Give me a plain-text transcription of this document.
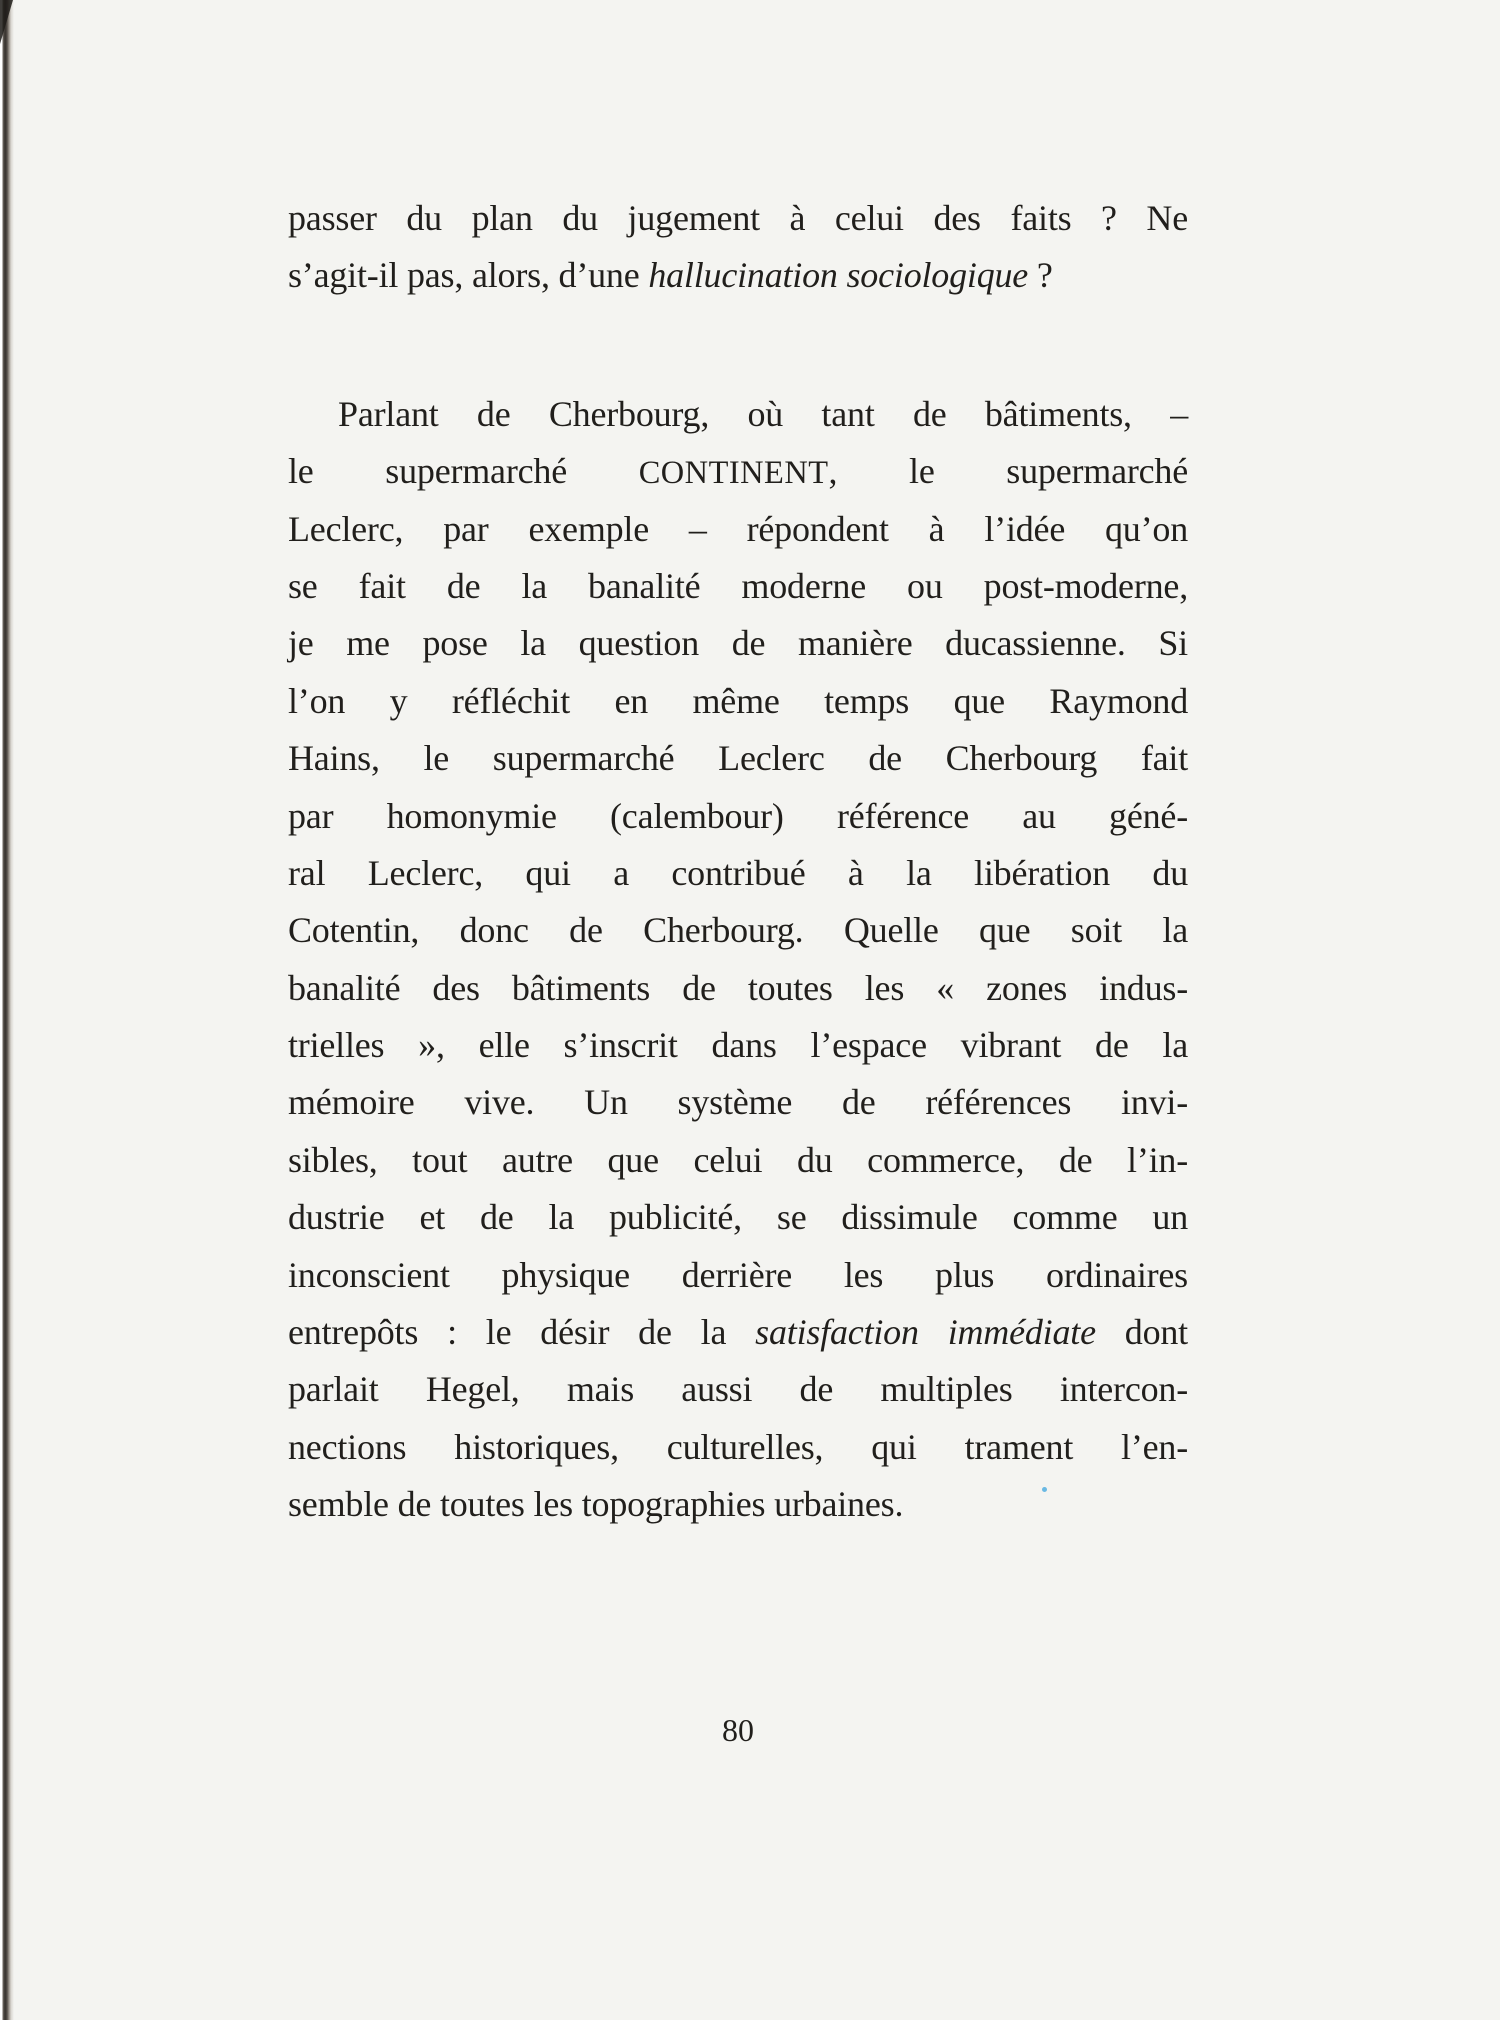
passer du plan du jugement à celui des faits ? Ne
s’agit-il pas, alors, d’une hallucination sociologique ?
Parlant de Cherbourg, où tant de bâtiments, –
le supermarché CONTINENT, le supermarché
Leclerc, par exemple – répondent à l’idée qu’on
se fait de la banalité moderne ou post-moderne,
je me pose la question de manière ducassienne. Si
l’on y réfléchit en même temps que Raymond
Hains, le supermarché Leclerc de Cherbourg fait
par homonymie (calembour) référence au géné-
ral Leclerc, qui a contribué à la libération du
Cotentin, donc de Cherbourg. Quelle que soit la
banalité des bâtiments de toutes les « zones indus-
trielles », elle s’inscrit dans l’espace vibrant de la
mémoire vive. Un système de références invi-
sibles, tout autre que celui du commerce, de l’in-
dustrie et de la publicité, se dissimule comme un
inconscient physique derrière les plus ordinaires
entrepôts : le désir de la satisfaction immédiate dont
parlait Hegel, mais aussi de multiples intercon-
nections historiques, culturelles, qui trament l’en-
semble de toutes les topographies urbaines.
80
